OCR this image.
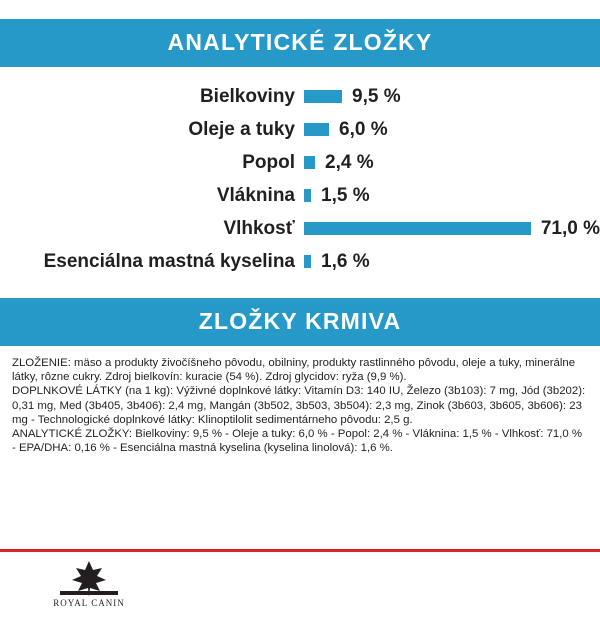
ANALYTICKÉ ZLOŽKY
Bielkoviny	9,5 %
Oleje a tuky	6,0 %
Popol	2,4 %
Vláknina	1,5 %
Vlhkosť	71,0 %
Esenciálna mastná kyselina	1,6 %
ZLOŽKY KRMIVA

ZLOŽENIE: mäso a produkty živočíšneho pôvodu, obilniny, produkty rastlinného pôvodu, oleje a tuky, minerálne látky, rôzne cukry. Zdroj bielkovín: kuracie (54 %). Zdroj glycidov: ryža (9,9 %).

DOPLNKOVÉ LÁTKY (na 1 kg): Výživné doplnkové látky: Vitamín D3: 140 IU, Železo (3b103): 7 mg, Jód (3b202): 0,31 mg, Med (3b405, 3b406): 2,4 mg, Mangán (3b502, 3b503, 3b504): 2,3 mg, Zinok (3b603, 3b605, 3b606): 23 mg - Technologické doplnkové látky: Klinoptilolit sedimentárneho pôvodu: 2,5 g.

ANALYTICKÉ ZLOŽKY: Bielkoviny: 9,5 % - Oleje a tuky: 6,0 % - Popol: 2,4 % - Vláknina: 1,5 % - Vlhkosť: 71,0 % - EPA/DHA: 0,16 % - Esenciálna mastná kyselina (kyselina linolová): 1,6 %.

ROYAL CANIN
